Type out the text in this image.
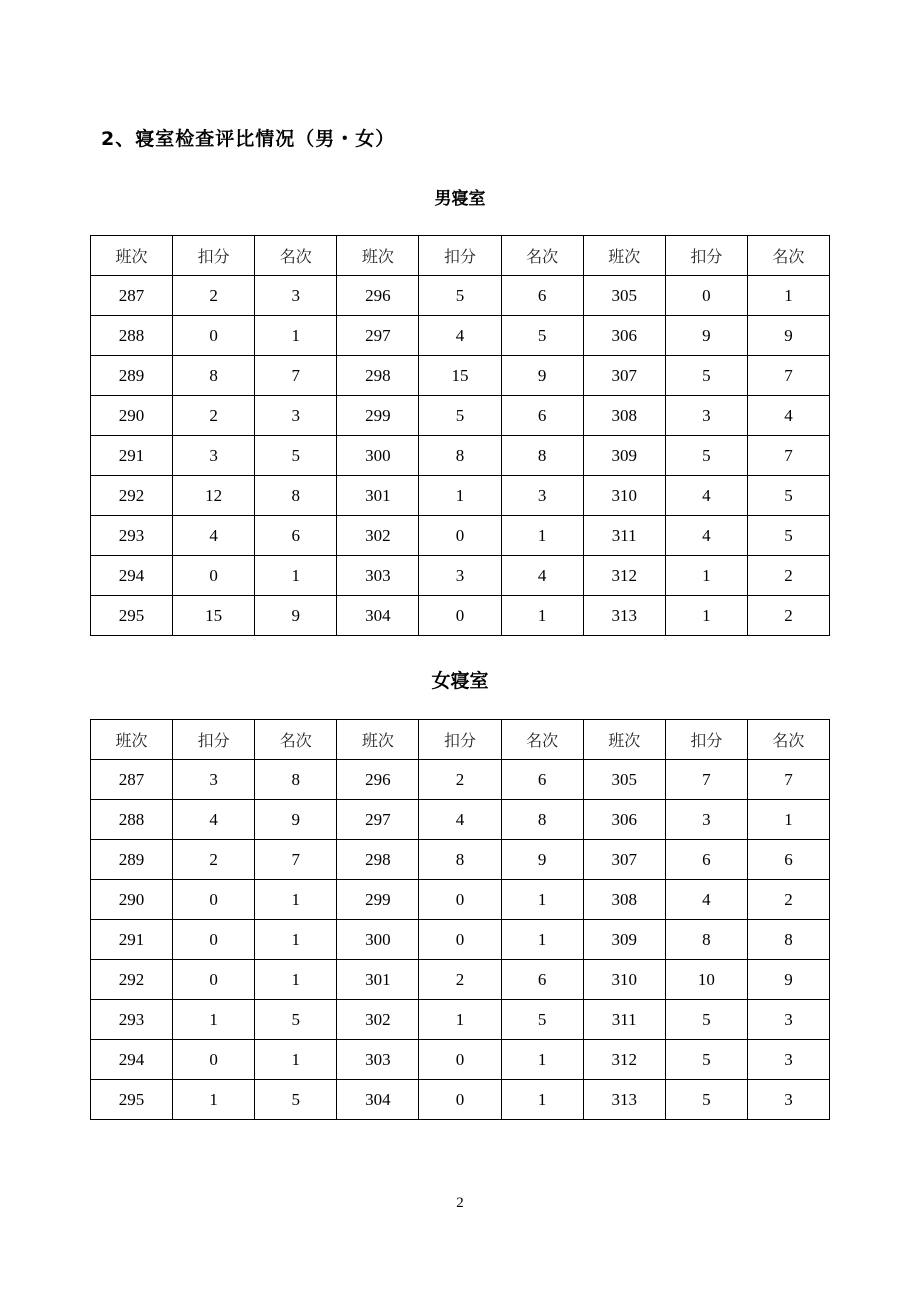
2、寝室检查评比情况（男・女）
男寝室
班次	扣分	名次	班次	扣分	名次	班次	扣分	名次
287	2	3	296	5	6	305	0	1
288	0	1	297	4	5	306	9	9
289	8	7	298	15	9	307	5	7
290	2	3	299	5	6	308	3	4
291	3	5	300	8	8	309	5	7
292	12	8	301	1	3	310	4	5
293	4	6	302	0	1	311	4	5
294	0	1	303	3	4	312	1	2
295	15	9	304	0	1	313	1	2
女寝室
班次	扣分	名次	班次	扣分	名次	班次	扣分	名次
287	3	8	296	2	6	305	7	7
288	4	9	297	4	8	306	3	1
289	2	7	298	8	9	307	6	6
290	0	1	299	0	1	308	4	2
291	0	1	300	0	1	309	8	8
292	0	1	301	2	6	310	10	9
293	1	5	302	1	5	311	5	3
294	0	1	303	0	1	312	5	3
295	1	5	304	0	1	313	5	3
2
